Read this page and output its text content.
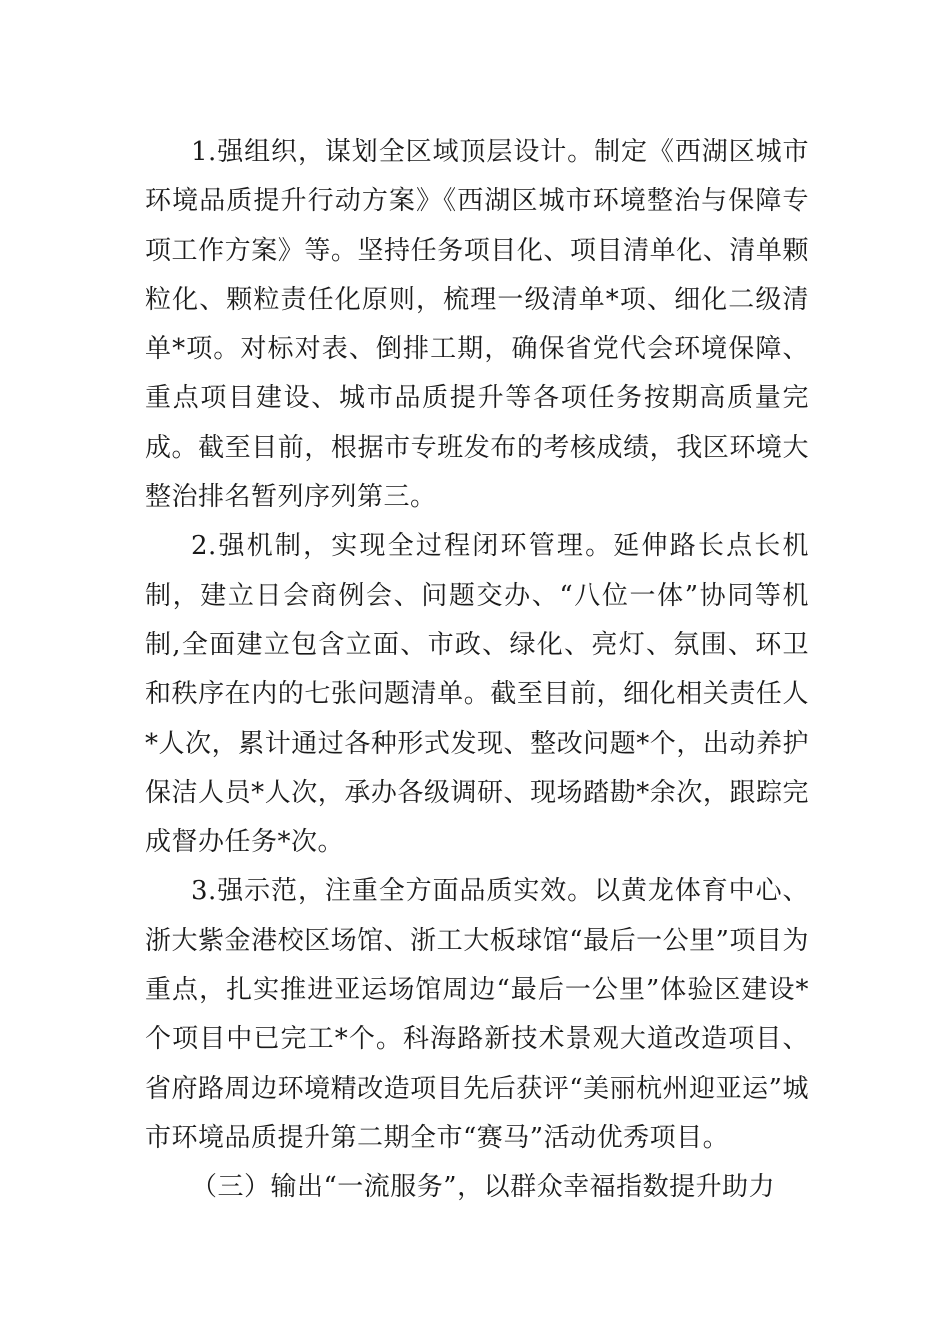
1.强组织，谋划全区域顶层设计。制定《西湖区城市环境品质提升行动方案》《西湖区城市环境整治与保障专项工作方案》等。坚持任务项目化、项目清单化、清单颗粒化、颗粒责任化原则，梳理一级清单*项、细化二级清单*项。对标对表、倒排工期，确保省党代会环境保障、重点项目建设、城市品质提升等各项任务按期高质量完成。截至目前，根据市专班发布的考核成绩，我区环境大整治排名暂列序列第三。

2.强机制，实现全过程闭环管理。延伸路长点长机制，建立日会商例会、问题交办、“八位一体”协同等机制,全面建立包含立面、市政、绿化、亮灯、氛围、环卫和秩序在内的七张问题清单。截至目前，细化相关责任人*人次，累计通过各种形式发现、整改问题*个，出动养护保洁人员*人次，承办各级调研、现场踏勘*余次，跟踪完成督办任务*次。

3.强示范，注重全方面品质实效。以黄龙体育中心、浙大紫金港校区场馆、浙工大板球馆“最后一公里”项目为重点，扎实推进亚运场馆周边“最后一公里”体验区建设*个项目中已完工*个。科海路新技术景观大道改造项目、省府路周边环境精改造项目先后获评“美丽杭州迎亚运”城市环境品质提升第二期全市“赛马”活动优秀项目。

（三）输出“一流服务”，以群众幸福指数提升助力
